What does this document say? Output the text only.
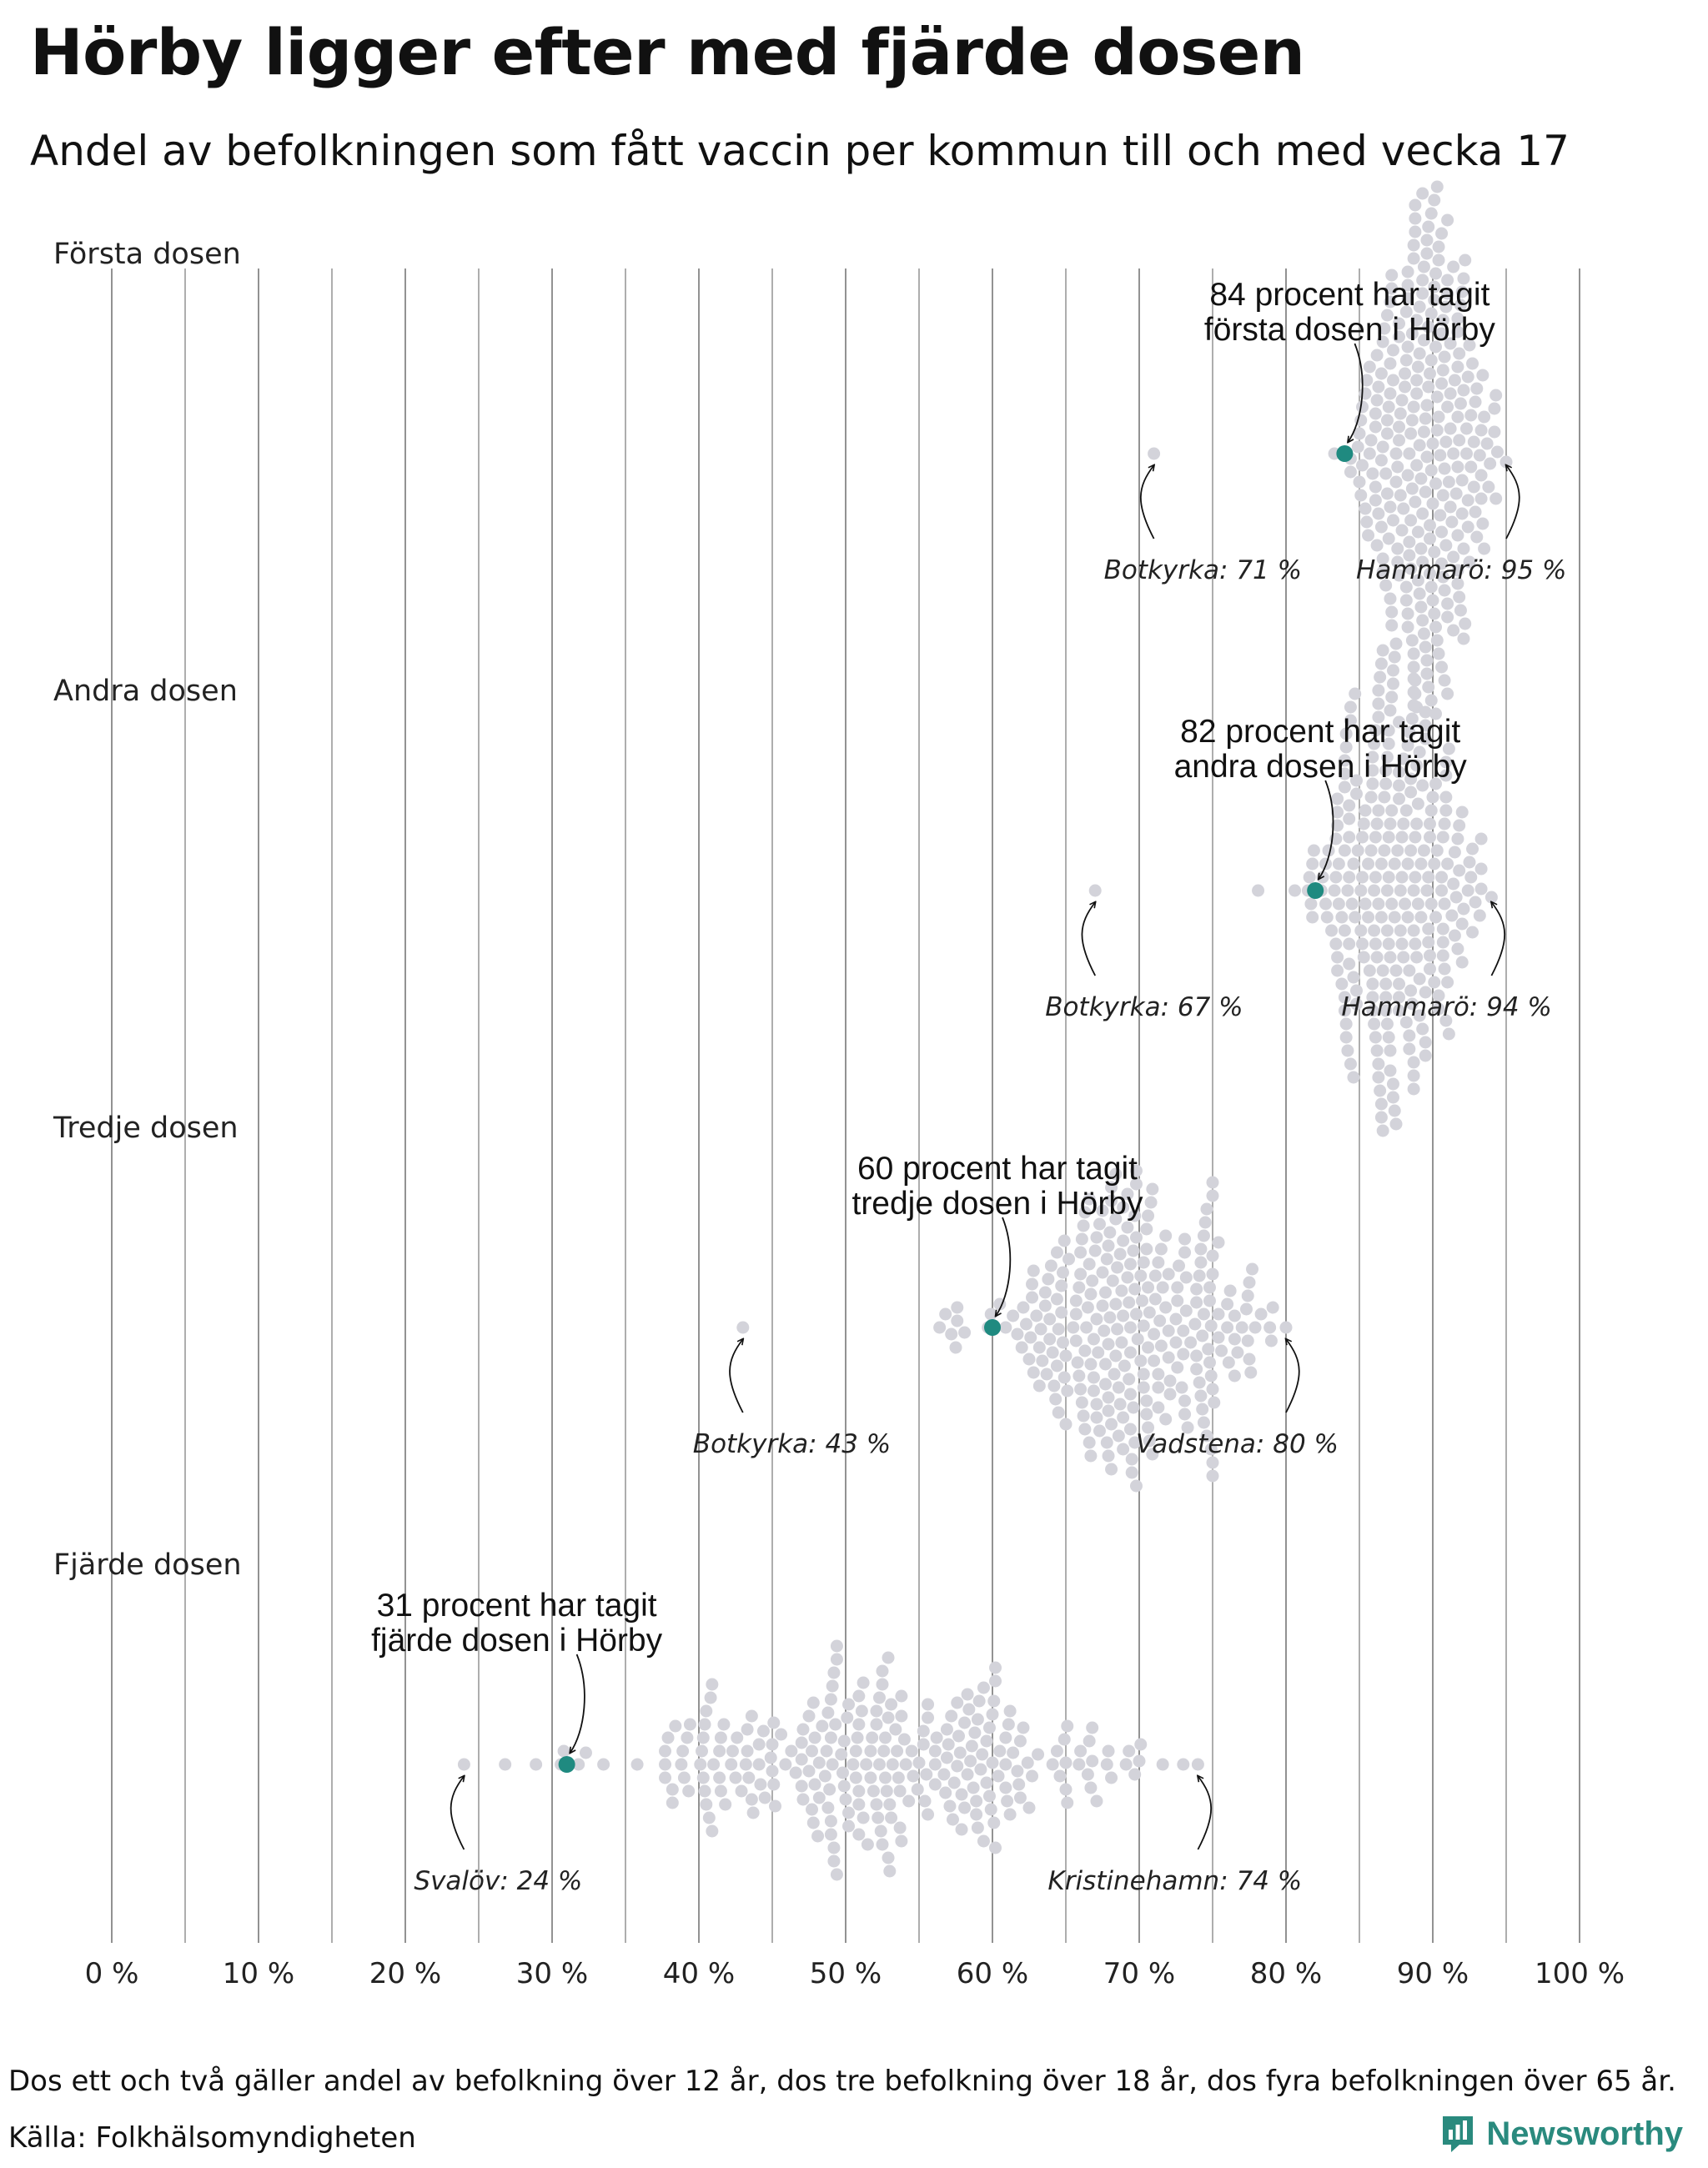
Hörby ligger efter med fjärde dosen
Andel av befolkningen som fått vaccin per kommun till och med vecka 17
Första dosen
84 procent har tagit första dosen i Hörby
Botkyrka: 71 % Hammarö: 95 %
Andra dosen
82 procent har tagit andra dosen i Hörby
Botkyrka: 67 %	Hammarö: 94 %
Tredje dosen
60 procent har tagit tredje dosen i Hörby
Botkyrka: 43 %	Vadstena: 80 %
Fjärde dosen
31 procent har tagit fjärde dosen i Hörby
Svalöv: 24 %	Kristinehamn: 74 %
0 %	10 %	20 %	30 %	40 %	50 %	60 %	70 %	80 %	90 % 100 %

Dos ett och två gäller andel av befolkning över 12 år, dos tre befolkning över 18 år, dos fyra befolkningen över 65 år.

Källa: Folkhälsomyndigheten	Newsworthy
